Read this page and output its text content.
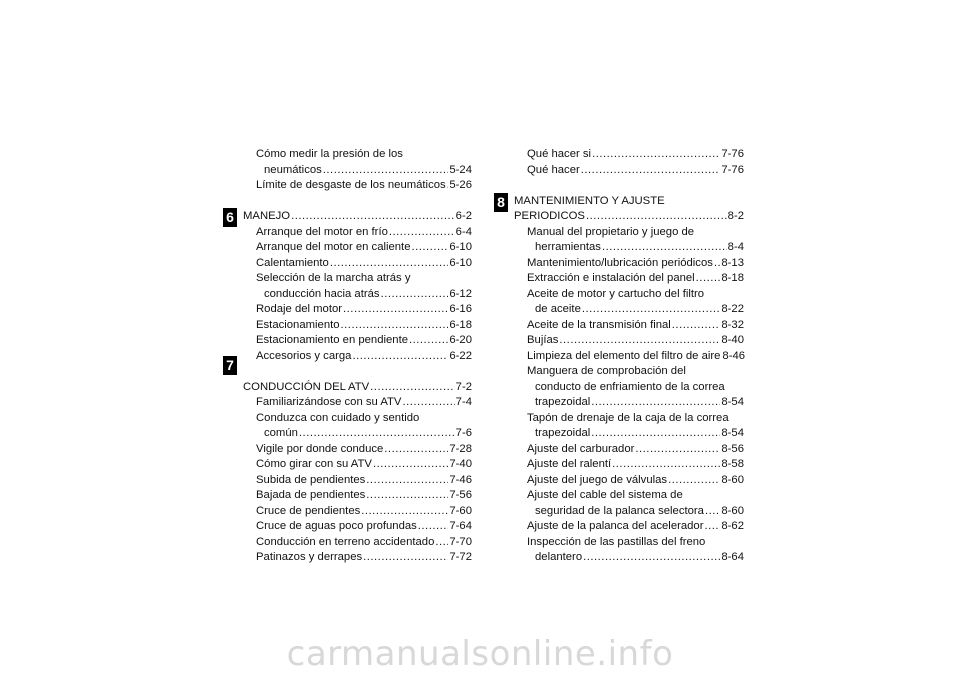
6
7
8
Cómo medir la presión de los
neumáticos .....	5-24
Límite de desgaste de los neumáticos ..... 5-26
MANEJO .....	6-2
Arranque del motor en frío .....	6-4
Arranque del motor en caliente .....	6-10
Calentamiento .....	6-10
Selección de la marcha atrás y
conducción hacia atrás .....	6-12
Rodaje del motor .....	6-16
Estacionamiento .....	6-18
Estacionamiento en pendiente .....	6-20
Accesorios y carga .....	6-22
CONDUCCIÓN DEL ATV .....	7-2
Familiarizándose con su ATV .....	7-4
Conduzca con cuidado y sentido
común .....	7-6
Vigile por donde conduce .....	7-28
Cómo girar con su ATV .....	7-40
Subida de pendientes .....	7-46
Bajada de pendientes .....	7-56
Cruce de pendientes .....	7-60
Cruce de aguas poco profundas .....	7-64
Conducción en terreno accidentado ..... 7-70
Patinazos y derrapes .....	7-72
Qué hacer si .....	7-76
Qué hacer .....	7-76
MANTENIMIENTO Y AJUSTE
PERIODICOS .....	8-2
Manual del propietario y juego de
herramientas .....	8-4
Mantenimiento/lubricación periódicos ..... 8-13
Extracción e instalación del panel ..... 8-18
Aceite de motor y cartucho del filtro
de aceite .....	8-22
Aceite de la transmisión final .....	8-32
Bujías .....	8-40
Limpieza del elemento del filtro de aire 8-46
Manguera de comprobación del
conducto de enfriamiento de la correa
trapezoidal .....	8-54
Tapón de drenaje de la caja de la correa
trapezoidal .....	8-54
Ajuste del carburador .....	8-56
Ajuste del ralentí .....	8-58
Ajuste del juego de válvulas .....	8-60
Ajuste del cable del sistema de
seguridad de la palanca selectora ..... 8-60
Ajuste de la palanca del acelerador ..... 8-62
Inspección de las pastillas del freno
delantero .....	8-64
carmanualsonline.info
